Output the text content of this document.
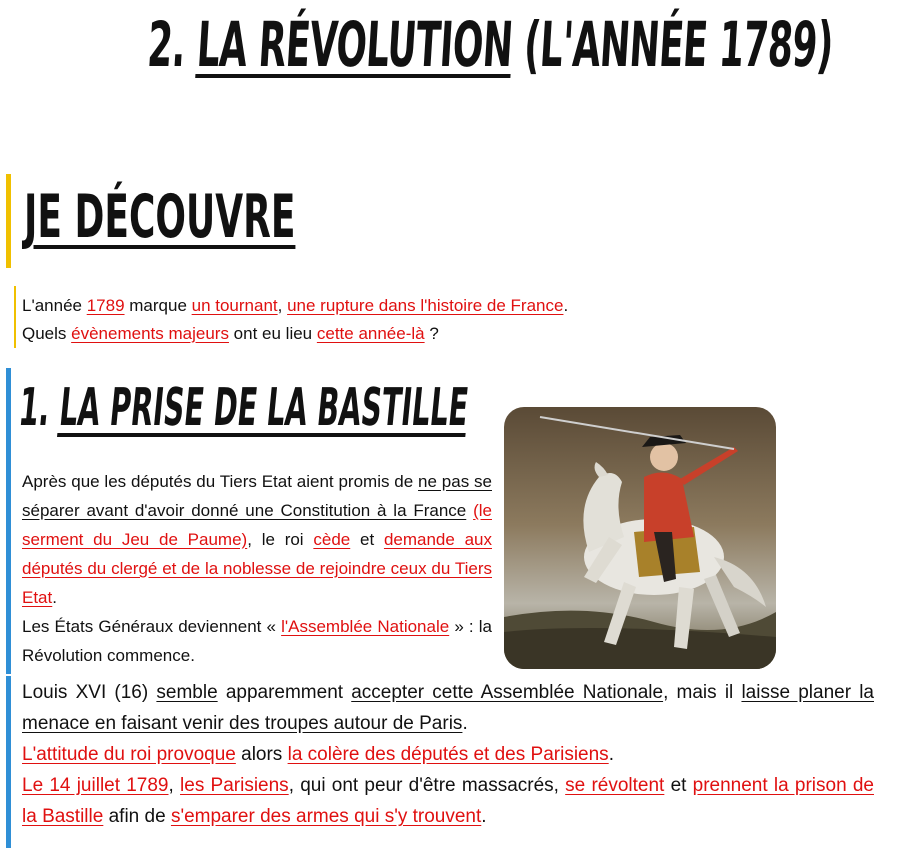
2. LA RÉVOLUTION (L'ANNÉE 1789)
JE DÉCOUVRE
L'année 1789 marque un tournant, une rupture dans l'histoire de France.
Quels évènements majeurs ont eu lieu cette année-là ?
1. LA PRISE DE LA BASTILLE
Après que les députés du Tiers Etat aient promis de ne pas se séparer avant d'avoir donné une Constitution à la France (le serment du Jeu de Paume), le roi cède et demande aux députés du clergé et de la noblesse de rejoindre ceux du Tiers Etat.
Les États Généraux deviennent « l'Assemblée Nationale » : la Révolution commence.
Louis XVI (16) semble apparemment accepter cette Assemblée Nationale, mais il laisse planer la menace en faisant venir des troupes autour de Paris.
L'attitude du roi provoque alors la colère des députés et des Parisiens.
Le 14 juillet 1789, les Parisiens, qui ont peur d'être massacrés, se révoltent et prennent la prison de la Bastille afin de s'emparer des armes qui s'y trouvent.
